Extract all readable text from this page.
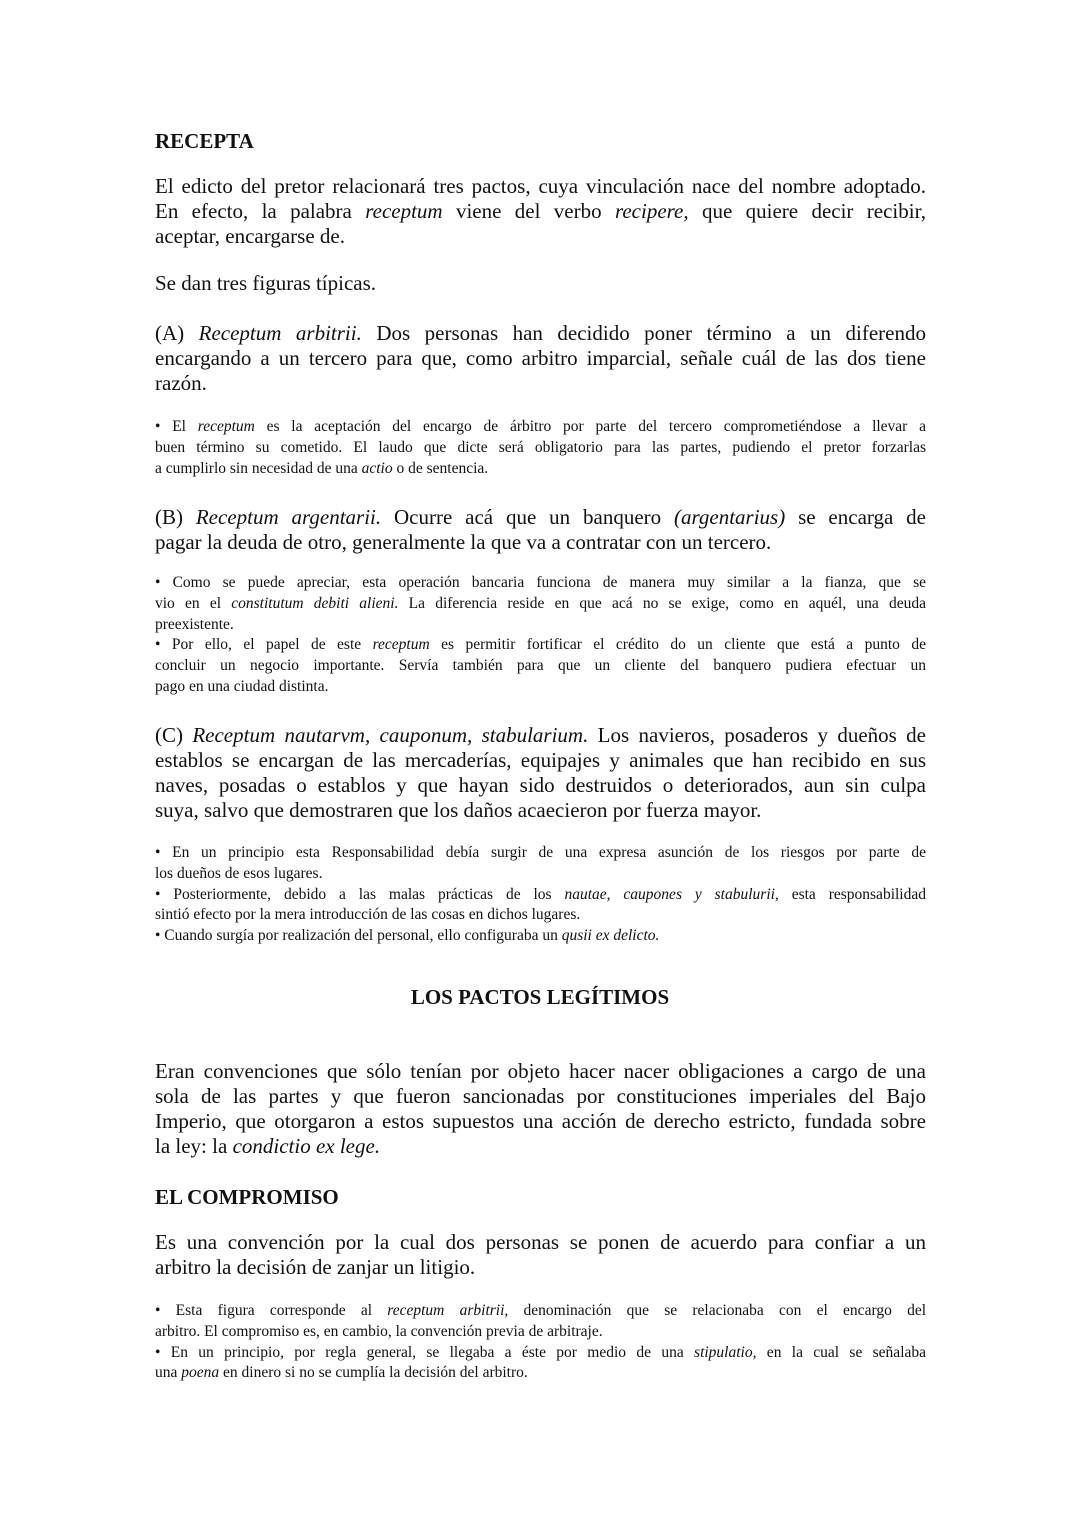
RECEPTA
El edicto del pretor relacionará tres pactos, cuya vinculación nace del nombre adoptado.
En efecto, la palabra receptum viene del verbo recipere, que quiere decir recibir,
aceptar, encargarse de.
Se dan tres figuras típicas.
(A) Receptum arbitrii. Dos personas han decidido poner término a un diferendo
encargando a un tercero para que, como arbitro imparcial, señale cuál de las dos tiene
razón.
• El receptum es la aceptación del encargo de árbitro por parte del tercero comprometiéndose a llevar a
buen término su cometido. El laudo que dicte será obligatorio para las partes, pudiendo el pretor forzarlas
a cumplirlo sin necesidad de una actio o de sentencia.
(B) Receptum argentarii. Ocurre acá que un banquero (argentarius) se encarga de
pagar la deuda de otro, generalmente la que va a contratar con un tercero.
• Como se puede apreciar, esta operación bancaria funciona de manera muy similar a la fianza, que se
vio en el constitutum debiti alieni. La diferencia reside en que acá no se exige, como en aquél, una deuda
preexistente.
• Por ello, el papel de este receptum es permitir fortificar el crédito do un cliente que está a punto de
concluir un negocio importante. Servía también para que un cliente del banquero pudiera efectuar un
pago en una ciudad distinta.
(C) Receptum nautarvm, cauponum, stabularium. Los navieros, posaderos y dueños de
establos se encargan de las mercaderías, equipajes y animales que han recibido en sus
naves, posadas o establos y que hayan sido destruidos o deteriorados, aun sin culpa
suya, salvo que demostraren que los daños acaecieron por fuerza mayor.
• En un principio esta Responsabilidad debía surgir de una expresa asunción de los riesgos por parte de
los dueños de esos lugares.
• Posteriormente, debido a las malas prácticas de los nautae, caupones y stabulurii, esta responsabilidad
sintió efecto por la mera introducción de las cosas en dichos lugares.
• Cuando surgía por realización del personal, ello configuraba un qusii ex delicto.
LOS PACTOS LEGÍTIMOS
Eran convenciones que sólo tenían por objeto hacer nacer obligaciones a cargo de una
sola de las partes y que fueron sancionadas por constituciones imperiales del Bajo
Imperio, que otorgaron a estos supuestos una acción de derecho estricto, fundada sobre
la ley: la condictio ex lege.
EL COMPROMISO
Es una convención por la cual dos personas se ponen de acuerdo para confiar a un
arbitro la decisión de zanjar un litigio.
• Esta figura corresponde al receptum arbitrii, denominación que se relacionaba con el encargo del
arbitro. El compromiso es, en cambio, la convención previa de arbitraje.
• En un principio, por regla general, se llegaba a éste por medio de una stipulatio, en la cual se señalaba
una poena en dinero si no se cumplía la decisión del arbitro.
